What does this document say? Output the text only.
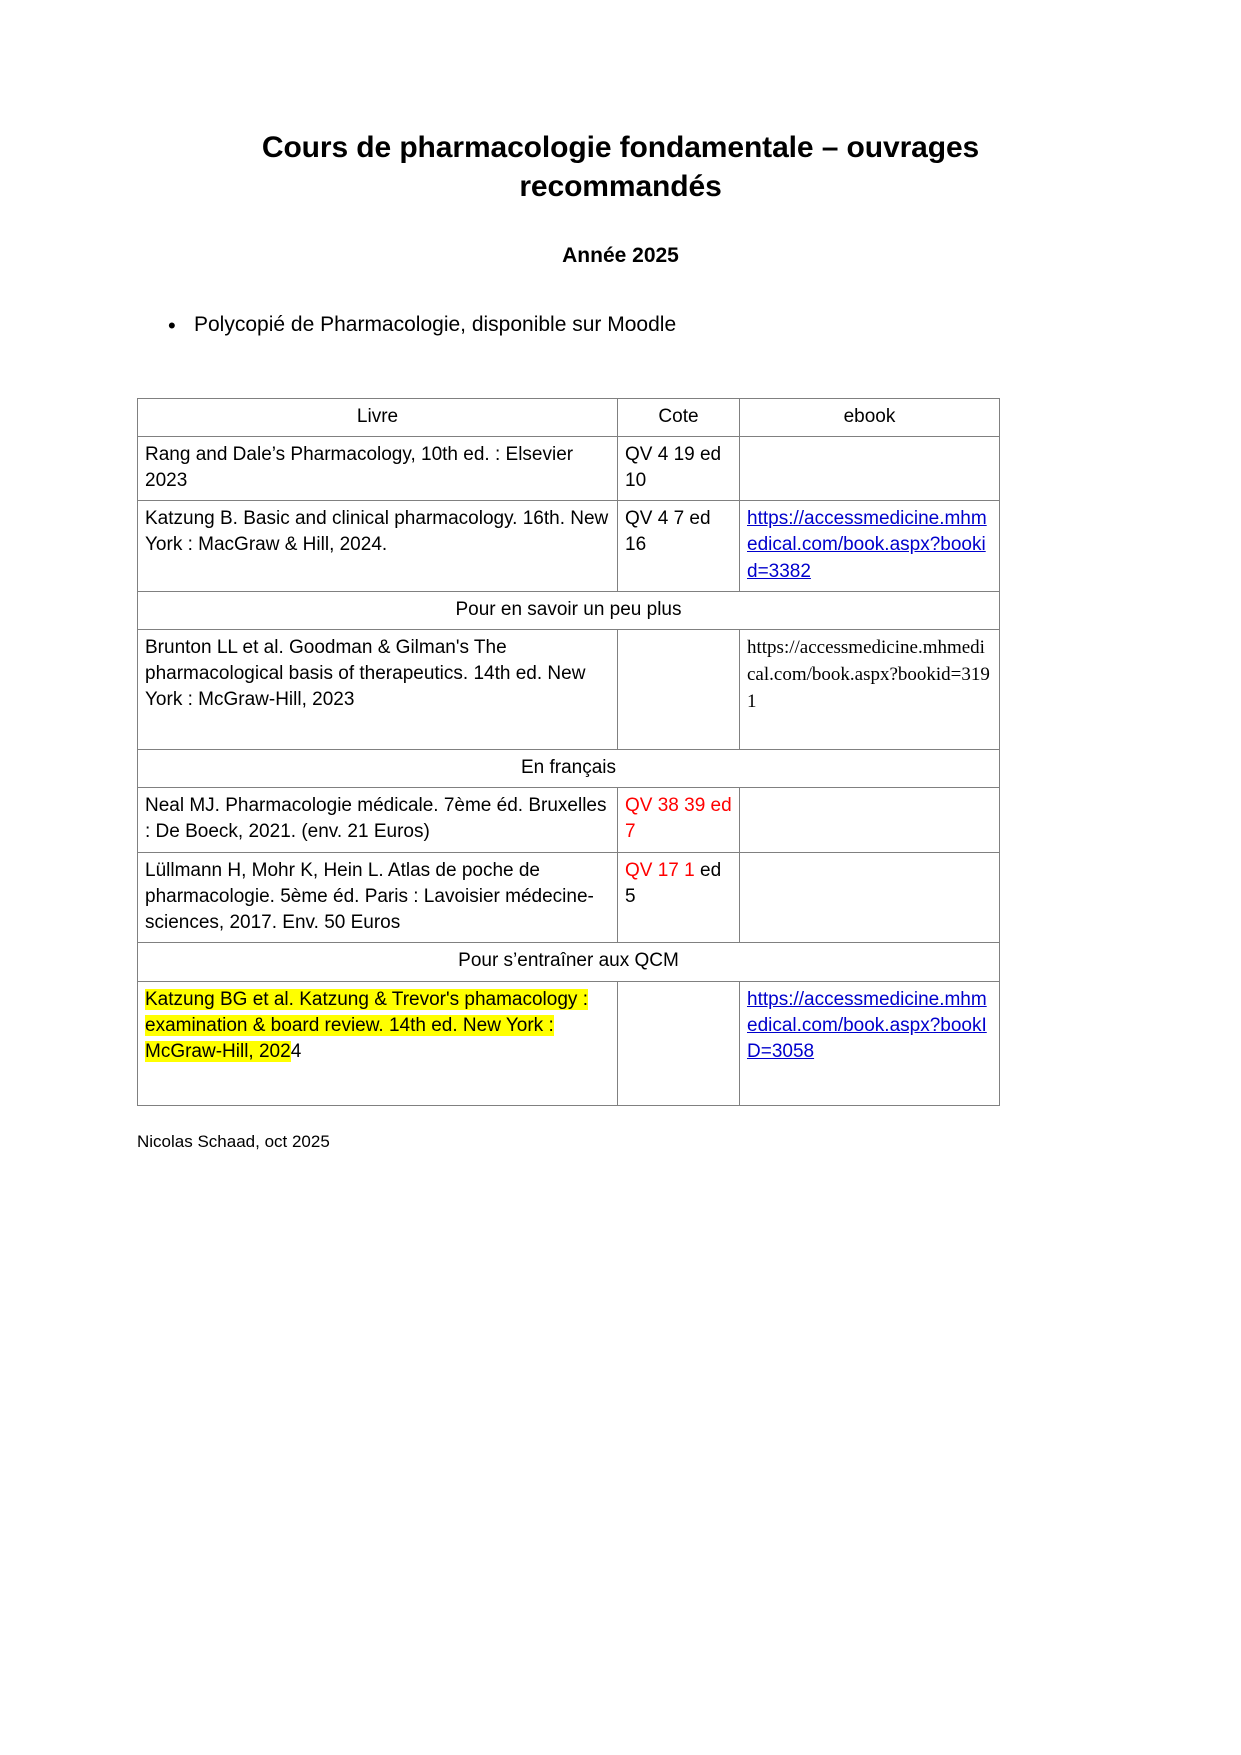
Cours de pharmacologie fondamentale – ouvrages recommandés
Année 2025
• Polycopié de Pharmacologie, disponible sur Moodle
Livre	Cote	ebook
Rang and Dale’s Pharmacology, 10th ed. : Elsevier 2023	QV 4 19 ed 10	
Katzung B. Basic and clinical pharmacology. 16th. New York : MacGraw & Hill, 2024.	QV 4 7 ed 16	https://accessmedicine.mhmedical.com/book.aspx?bookid=3382
Pour en savoir un peu plus		
Brunton LL et al. Goodman & Gilman's The pharmacological basis of therapeutics. 14th ed. New York : McGraw-Hill, 2023		https://accessmedicine.mhmedical.com/book.aspx?bookid=3191
En français		
Neal MJ. Pharmacologie médicale. 7ème éd. Bruxelles : De Boeck, 2021. (env. 21 Euros)	QV 38 39 ed 7	
Lüllmann H, Mohr K, Hein L. Atlas de poche de pharmacologie. 5ème éd. Paris : Lavoisier médecine-sciences, 2017. Env. 50 Euros	QV 17 1 ed 5	
Pour s’entraîner aux QCM		
Katzung BG et al. Katzung & Trevor's phamacology : examination & board review. 14th ed. New York : McGraw-Hill, 2024		https://accessmedicine.mhmedical.com/book.aspx?bookID=3058
Nicolas Schaad, oct 2025
